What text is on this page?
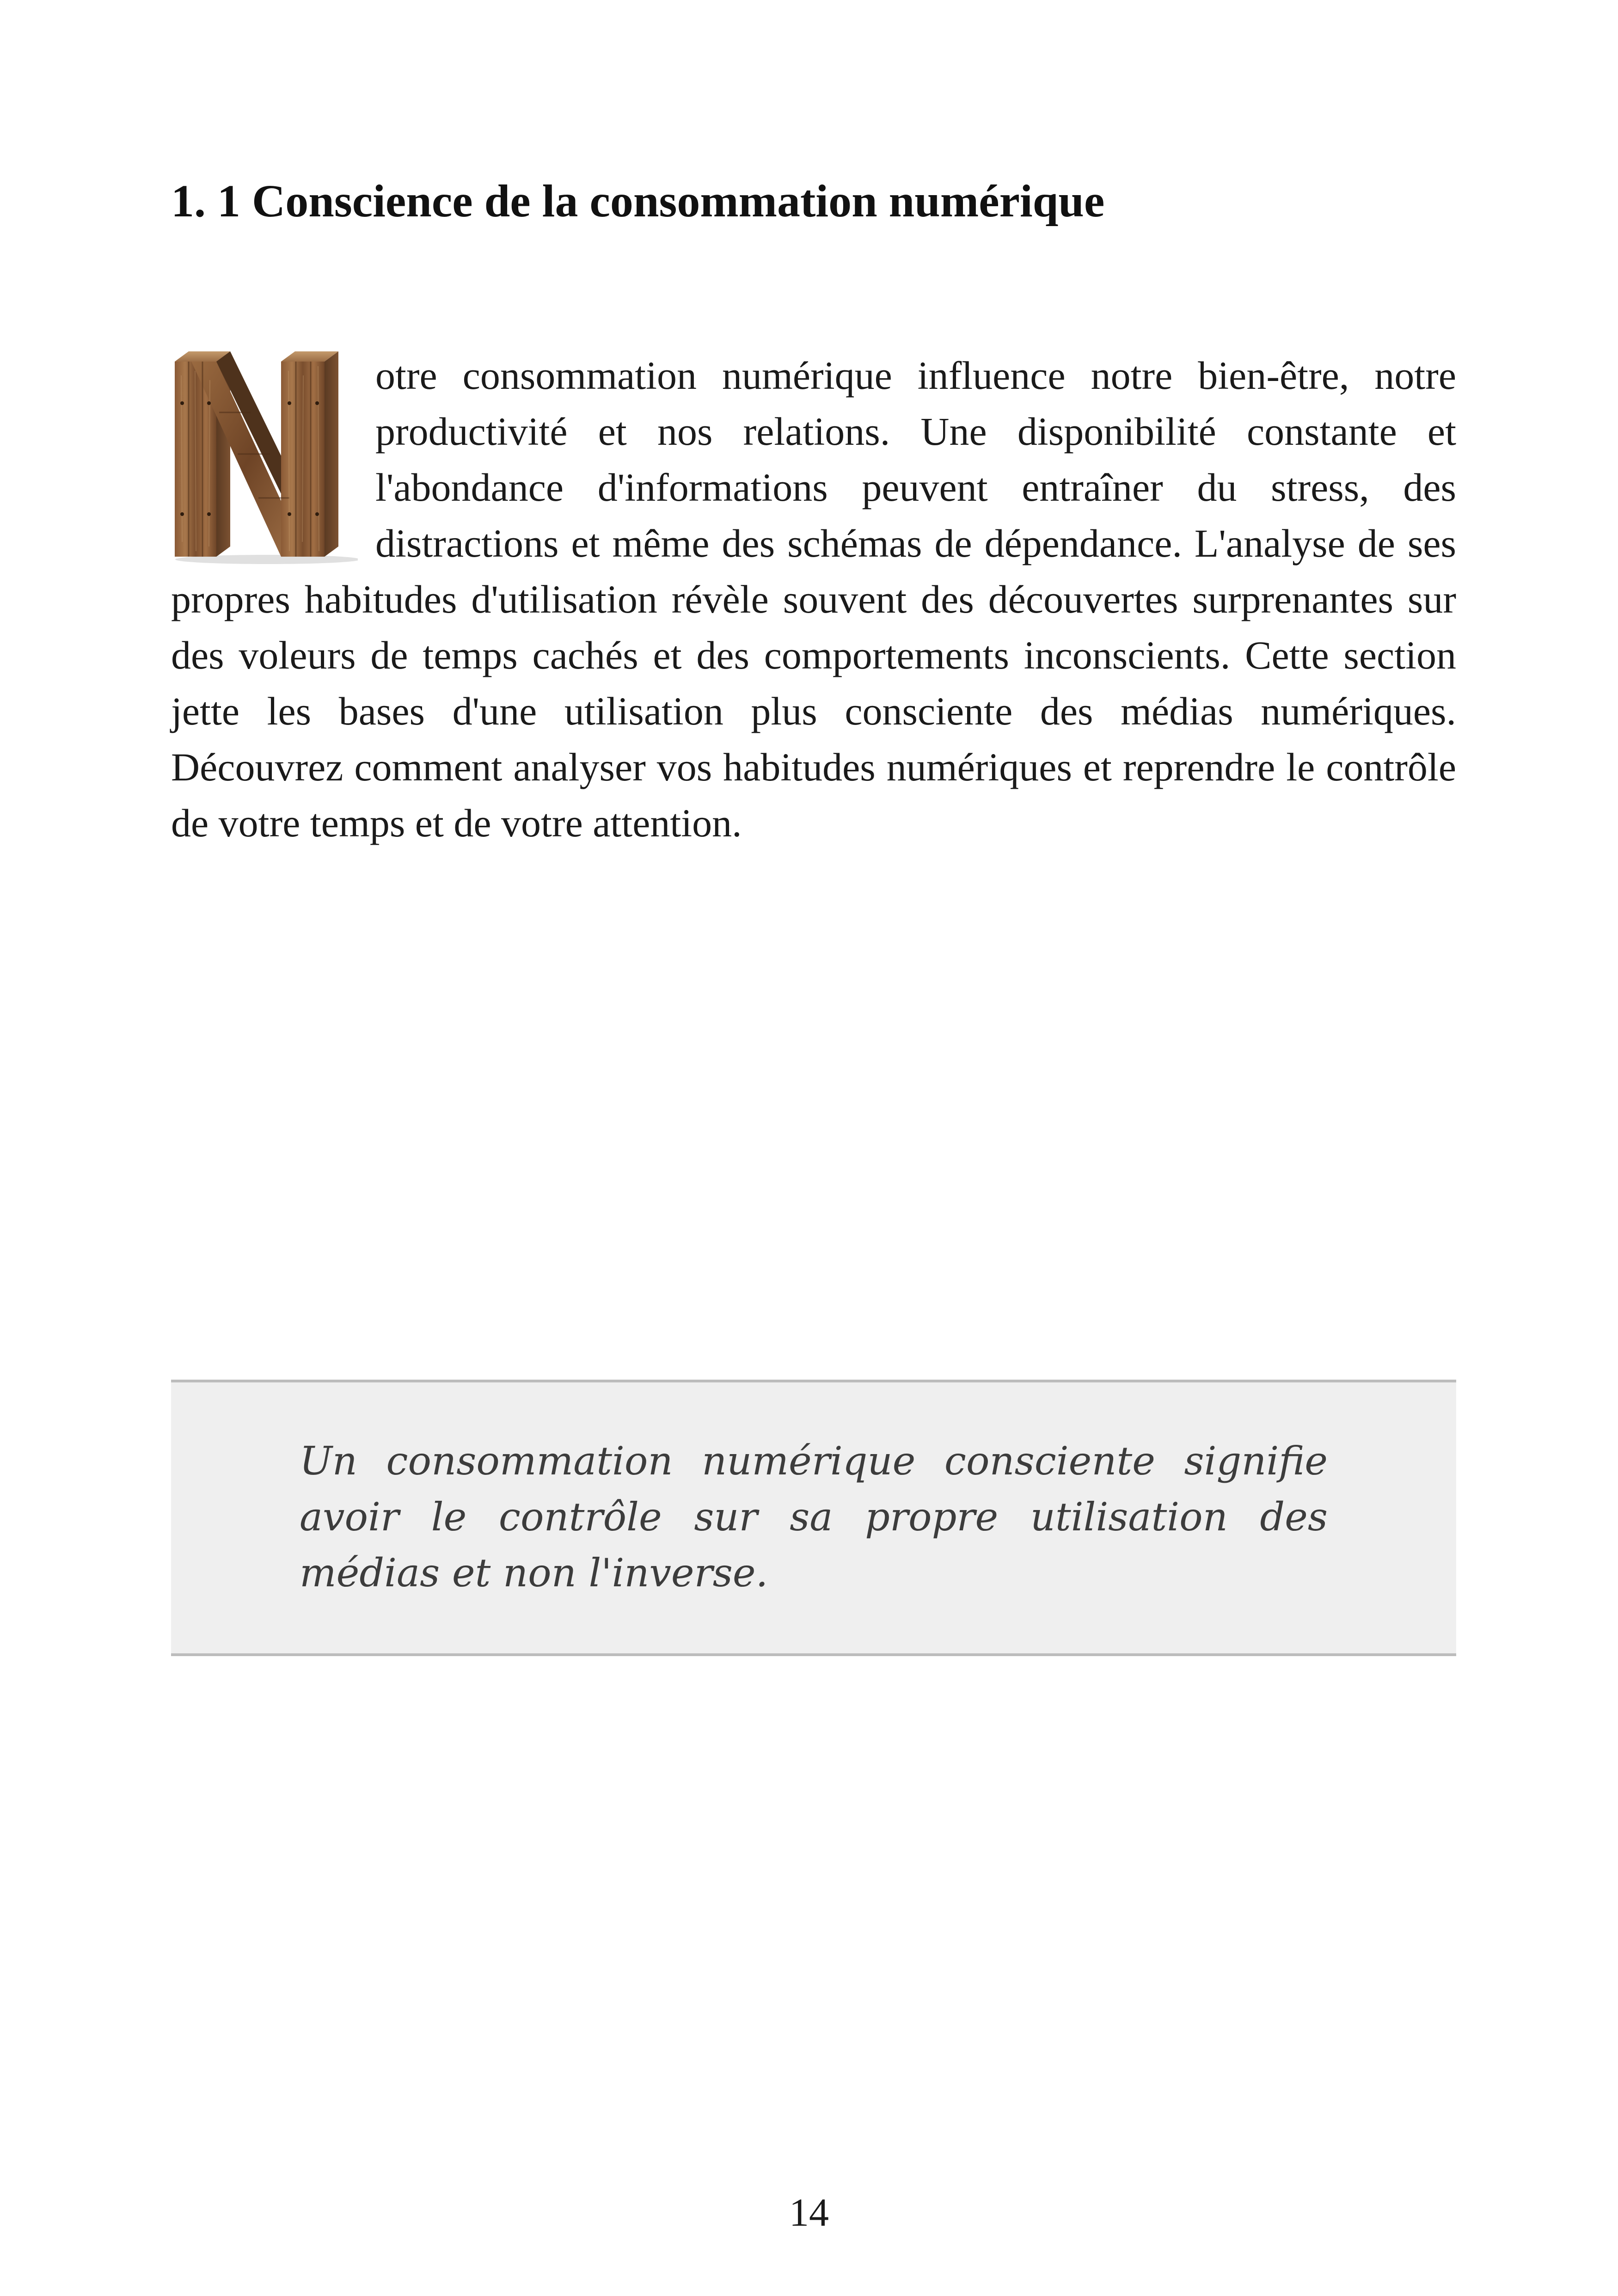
1. 1 Conscience de la consommation numérique

otre consommation numérique influence notre bien-être, notre productivité et nos relations. Une disponibilité constante et l'abondance d'informations peuvent entraîner du stress, des distractions et même des schémas de dépendance. L'analyse de ses propres habitudes d'utilisation révèle souvent des découvertes surprenantes sur des voleurs de temps cachés et des comportements inconscients. Cette section jette les bases d'une utilisation plus consciente des médias numériques. Découvrez comment analyser vos habitudes numériques et reprendre le contrôle de votre temps et de votre attention.

Un consommation numérique consciente signifie avoir le contrôle sur sa propre utilisation des médias et non l'inverse.

14
